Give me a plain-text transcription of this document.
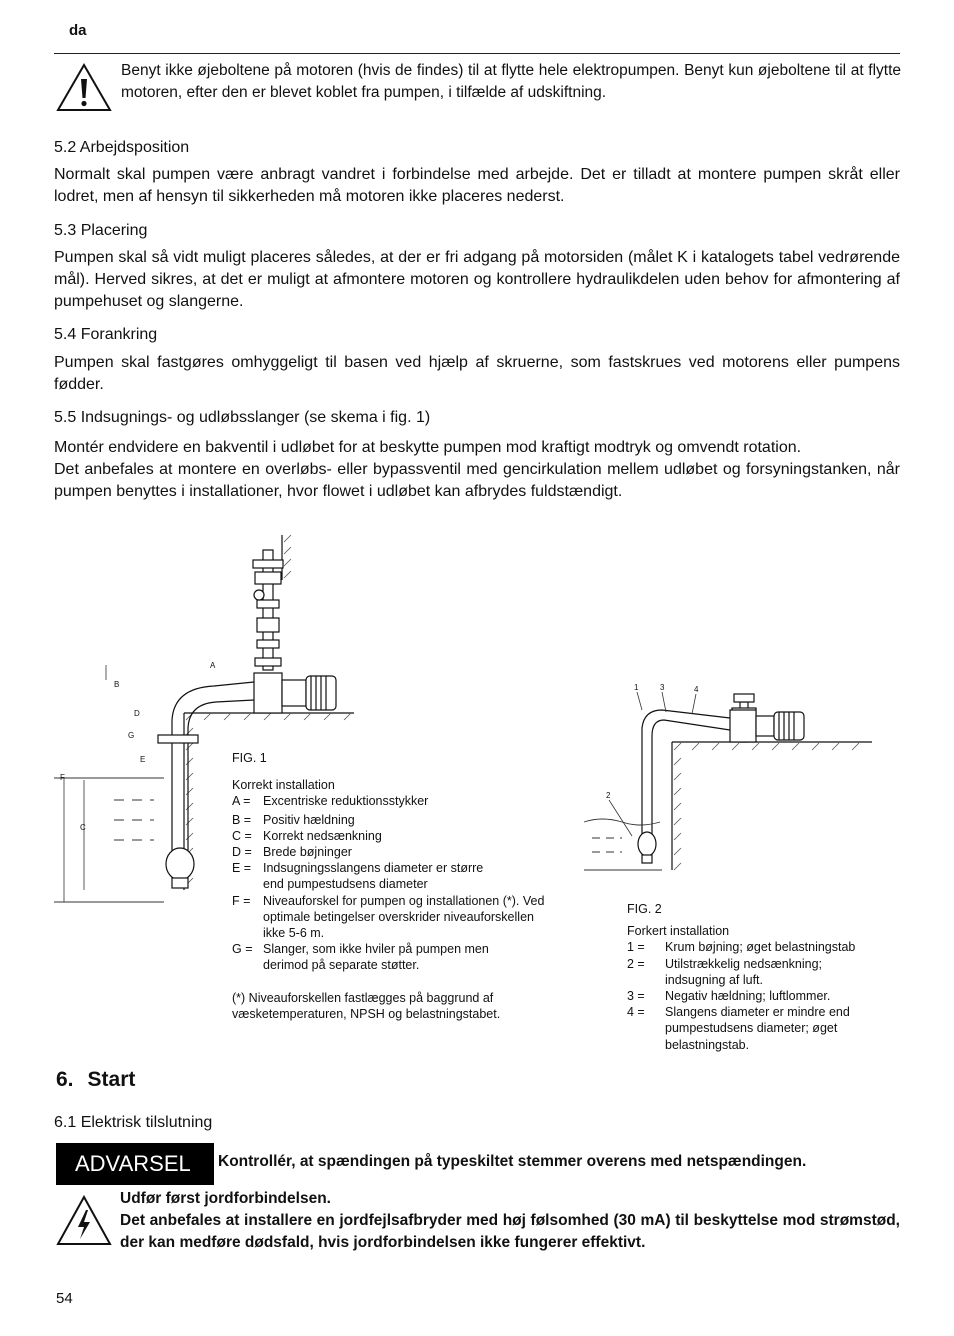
da
Benyt ikke øjeboltene på motoren (hvis de findes) til at flytte hele elektropumpen. Benyt kun øjeboltene til at flytte motoren, efter den er blevet koblet fra pumpen, i tilfælde af udskiftning.
5.2 Arbejdsposition

Normalt skal pumpen være anbragt vandret i forbindelse med arbejde. Det er tilladt at montere pumpen skråt eller lodret, men af hensyn til sikkerheden må motoren ikke placeres nederst.

5.3 Placering

Pumpen skal så vidt muligt placeres således, at der er fri adgang på motorsiden (målet K i katalogets tabel vedrørende mål). Herved sikres, at det er muligt at afmontere motoren og kontrollere hydraulikdelen uden behov for afmontering af pumpehuset og slangerne.

5.4 Forankring

Pumpen skal fastgøres omhyggeligt til basen ved hjælp af skruerne, som fastskrues ved motorens eller pumpens fødder.

5.5 Indsugnings- og udløbsslanger (se skema i fig. 1)

Montér endvidere en bakventil i udløbet for at beskytte pumpen mod kraftigt modtryk og omvendt rotation.

Det anbefales at montere en overløbs- eller bypassventil med gencirkulation mellem udløbet og forsyningstanken, når pumpen benyttes i installationer, hvor flowet i udløbet kan afbrydes fuldstændigt.

A
B
D
G
E
F
C
FIG. 1
Korrekt installation
A =	Excentriske reduktionsstykker
B = Positiv hældning
C = Korrekt nedsænkning
D = Brede bøjninger
E = Indsugningsslangens diameter er større end pumpestudsens diameter
F =	Niveauforskel for pumpen og installationen (*). Ved optimale betingelser overskrider niveauforskellen ikke 5-6 m.
G = Slanger, som ikke hviler på pumpen men derimod på separate støtter.
(*) Niveauforskellen fastlægges på baggrund af væsketemperaturen, NPSH og belastningstabet.
1	3	4
2
FIG. 2
Forkert installation
1 =	Krum bøjning; øget belastningstab
2 =	Utilstrækkelig nedsænkning; indsugning af luft.
3 =	Negativ hældning; luftlommer.
4 =	Slangens diameter er mindre end pumpestudsens diameter; øget belastningstab.
6. Start
6.1 Elektrisk tilslutning
ADVARSEL Kontrollér, at spændingen på typeskiltet stemmer overens med netspændingen.
Udfør først jordforbindelsen.
Det anbefales at installere en jordfejlsafbryder med høj følsomhed (30 mA) til beskyttelse mod strømstød, der kan medføre dødsfald, hvis jordforbindelsen ikke fungerer effektivt.
54
